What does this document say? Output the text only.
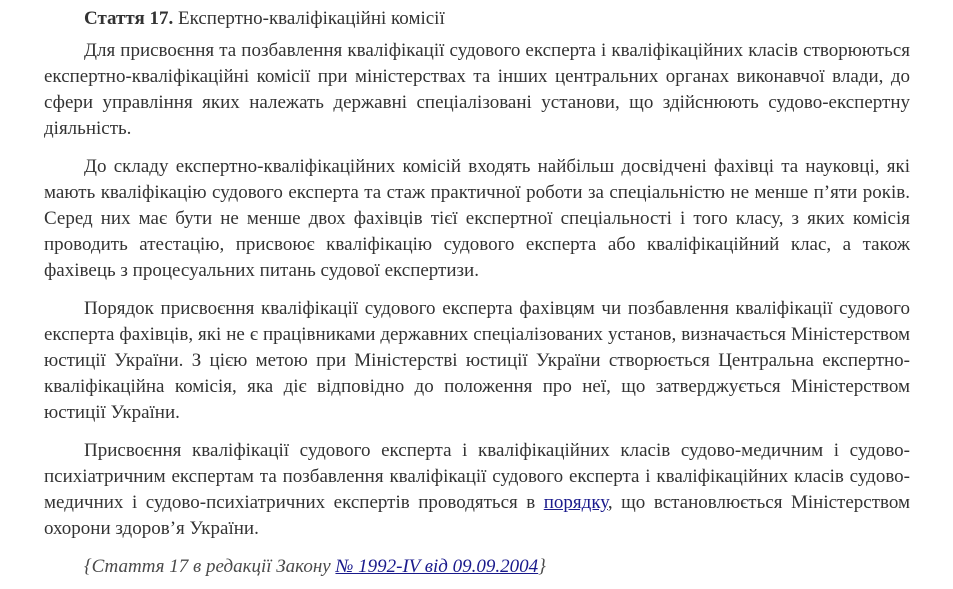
Стаття 17. Експертно-кваліфікаційні комісії

Для присвоєння та позбавлення кваліфікації судового експерта і кваліфікаційних класів створюються експертно-кваліфікаційні комісії при міністерствах та інших центральних органах виконавчої влади, до сфери управління яких належать державні спеціалізовані установи, що здійснюють судово-експертну діяльність.

До складу експертно-кваліфікаційних комісій входять найбільш досвідчені фахівці та науковці, які мають кваліфікацію судового експерта та стаж практичної роботи за спеціальністю не менше п’яти років. Серед них має бути не менше двох фахівців тієї експертної спеціальності і того класу, з яких комісія проводить атестацію, присвоює кваліфікацію судового експерта або кваліфікаційний клас, а також фахівець з процесуальних питань судової експертизи.

Порядок присвоєння кваліфікації судового експерта фахівцям чи позбавлення кваліфікації судового експерта фахівців, які не є працівниками державних спеціалізованих установ, визначається Міністерством юстиції України. З цією метою при Міністерстві юстиції України створюється Центральна експертно-кваліфікаційна комісія, яка діє відповідно до положення про неї, що затверджується Міністерством юстиції України.

Присвоєння кваліфікації судового експерта і кваліфікаційних класів судово-медичним і судово-психіатричним експертам та позбавлення кваліфікації судового експерта і кваліфікаційних класів судово-медичних і судово-психіатричних експертів проводяться в порядку, що встановлюється Міністерством охорони здоров’я України.

{Стаття 17 в редакції Закону № 1992-IV від 09.09.2004}
